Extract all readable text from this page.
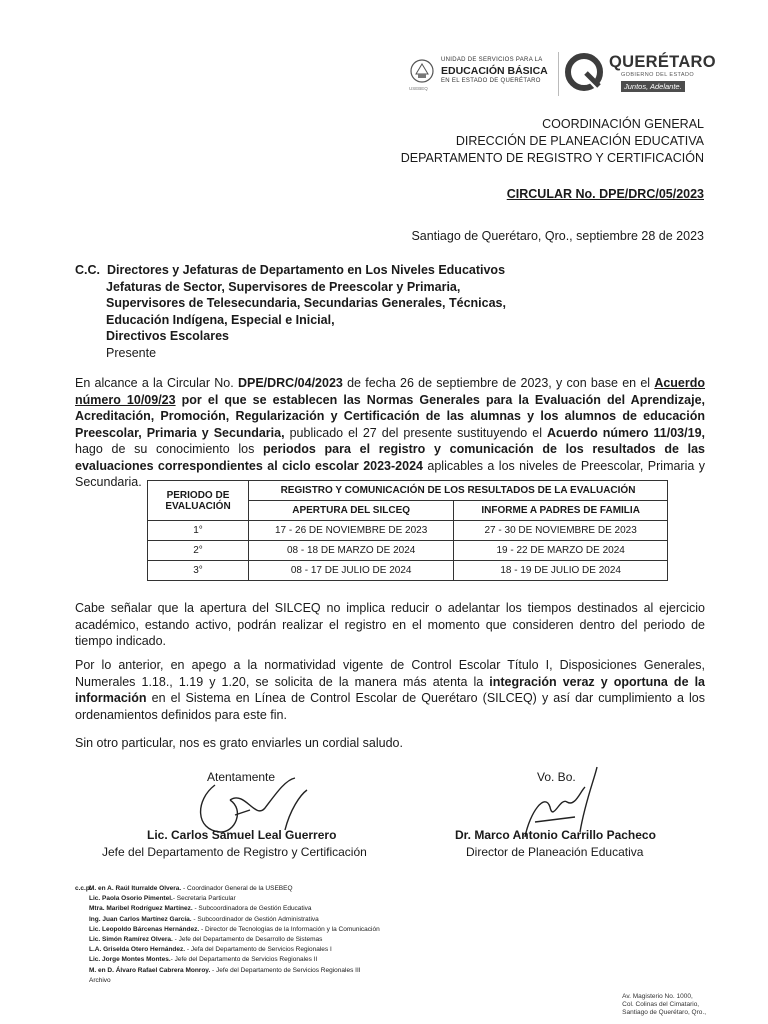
UNIDAD DE SERVICIOS PARA LA
EDUCACIÓN BÁSICA
EN EL ESTADO DE QUERÉTARO
USEBEQ
QUERÉTARO
GOBIERNO DEL ESTADO
Juntos, Adelante.
COORDINACIÓN GENERAL
DIRECCIÓN DE PLANEACIÓN EDUCATIVA
DEPARTAMENTO DE REGISTRO Y CERTIFICACIÓN
CIRCULAR No. DPE/DRC/05/2023
Santiago de Querétaro, Qro., septiembre 28 de 2023
C.C. Directores y Jefaturas de Departamento en Los Niveles Educativos
Jefaturas de Sector, Supervisores de Preescolar y Primaria,
Supervisores de Telesecundaria, Secundarias Generales, Técnicas,
Educación Indígena, Especial e Inicial,
Directivos Escolares
Presente
En alcance a la Circular No. DPE/DRC/04/2023 de fecha 26 de septiembre de 2023, y con base en el Acuerdo número 10/09/23 por el que se establecen las Normas Generales para la Evaluación del Aprendizaje, Acreditación, Promoción, Regularización y Certificación de las alumnas y los alumnos de educación Preescolar, Primaria y Secundaria, publicado el 27 del presente sustituyendo el Acuerdo número 11/03/19, hago de su conocimiento los periodos para el registro y comunicación de los resultados de las evaluaciones correspondientes al ciclo escolar 2023-2024 aplicables a los niveles de Preescolar, Primaria y Secundaria.
PERIODO DE EVALUACIÓN	REGISTRO Y COMUNICACIÓN DE LOS RESULTADOS DE LA EVALUACIÓN	
	APERTURA DEL SILCEQ	INFORME A PADRES DE FAMILIA
1°	17 - 26 DE NOVIEMBRE DE 2023	27 - 30 DE NOVIEMBRE DE 2023
2°	08 - 18 DE MARZO DE 2024	19 - 22 DE MARZO DE 2024
3°	08 - 17 DE JULIO DE 2024	18 - 19 DE JULIO DE 2024
Cabe señalar que la apertura del SILCEQ no implica reducir o adelantar los tiempos destinados al ejercicio académico, estando activo, podrán realizar el registro en el momento que consideren dentro del periodo de tiempo indicado.
Por lo anterior, en apego a la normatividad vigente de Control Escolar Título I, Disposiciones Generales, Numerales 1.18., 1.19 y 1.20, se solicita de la manera más atenta la integración veraz y oportuna de la información en el Sistema en Línea de Control Escolar de Querétaro (SILCEQ) y así dar cumplimiento a los ordenamientos definidos para este fin.
Sin otro particular, nos es grato enviarles un cordial saludo.
Atentamente
Lic. Carlos Samuel Leal Guerrero
Jefe del Departamento de Registro y Certificación
Vo. Bo.
Dr. Marco Antonio Carrillo Pacheco
Director de Planeación Educativa
c.c.p.
M. en A. Raúl Iturralde Olvera. - Coordinador General de la USEBEQ
Lic. Paola Osorio Pimentel.- Secretaria Particular
Mtra. Maribel Rodríguez Martínez. - Subcoordinadora de Gestión Educativa
Ing. Juan Carlos Martínez García. - Subcoordinador de Gestión Administrativa
Lic. Leopoldo Bárcenas Hernández. - Director de Tecnologías de la Información y la Comunicación
Lic. Simón Ramírez Olvera. - Jefe del Departamento de Desarrollo de Sistemas
L.A. Griselda Otero Hernández. - Jefa del Departamento de Servicios Regionales I
Lic. Jorge Montes Montes.- Jefe del Departamento de Servicios Regionales II
M. en D. Álvaro Rafael Cabrera Monroy. - Jefe del Departamento de Servicios Regionales III
Archivo
Av. Magisterio No. 1000,
Col. Colinas del Cimatario,
Santiago de Querétaro, Qro.,
